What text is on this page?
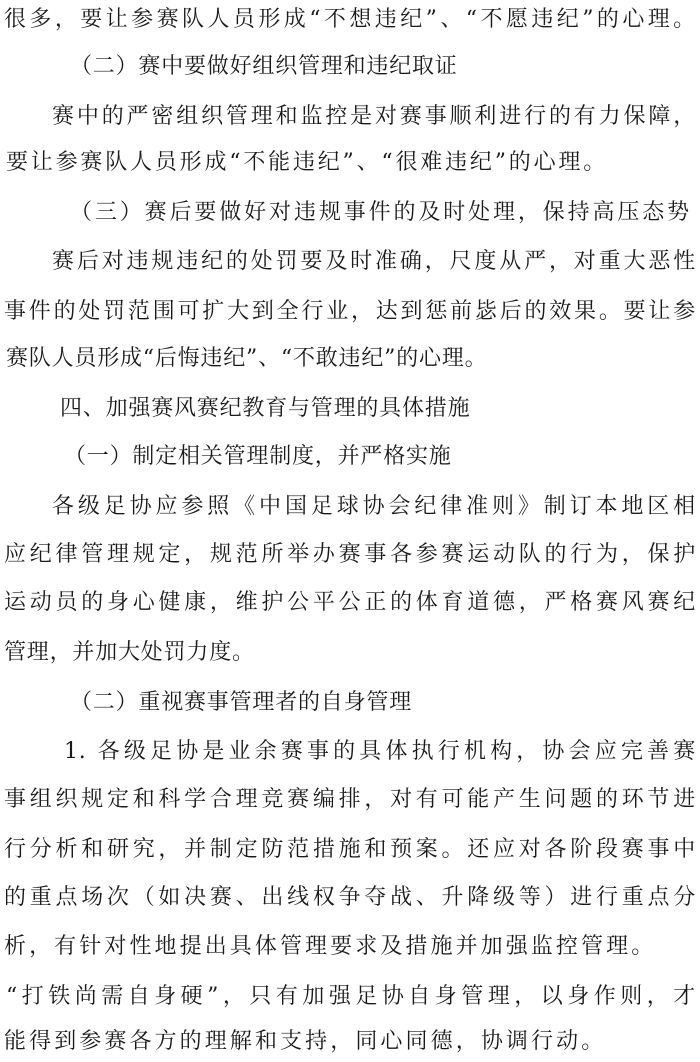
很多，要让参赛队人员形成“不想违纪”、“不愿违纪”的心理。
（二）赛中要做好组织管理和违纪取证
赛中的严密组织管理和监控是对赛事顺利进行的有力保障，
要让参赛队人员形成“不能违纪”、“很难违纪”的心理。
（三）赛后要做好对违规事件的及时处理，保持高压态势
赛后对违规违纪的处罚要及时准确，尺度从严，对重大恶性
事件的处罚范围可扩大到全行业，达到惩前毖后的效果。要让参
赛队人员形成“后悔违纪”、“不敢违纪”的心理。
四、加强赛风赛纪教育与管理的具体措施
（一）制定相关管理制度，并严格实施
各级足协应参照《中国足球协会纪律准则》制订本地区相
应纪律管理规定，规范所举办赛事各参赛运动队的行为，保护
运动员的身心健康，维护公平公正的体育道德，严格赛风赛纪
管理，并加大处罚力度。
（二）重视赛事管理者的自身管理
1. 各级足协是业余赛事的具体执行机构，协会应完善赛
事组织规定和科学合理竞赛编排，对有可能产生问题的环节进
行分析和研究，并制定防范措施和预案。还应对各阶段赛事中
的重点场次（如决赛、出线权争夺战、升降级等）进行重点分
析，有针对性地提出具体管理要求及措施并加强监控管理。
“打铁尚需自身硬”，只有加强足协自身管理，以身作则，才
能得到参赛各方的理解和支持，同心同德，协调行动。
